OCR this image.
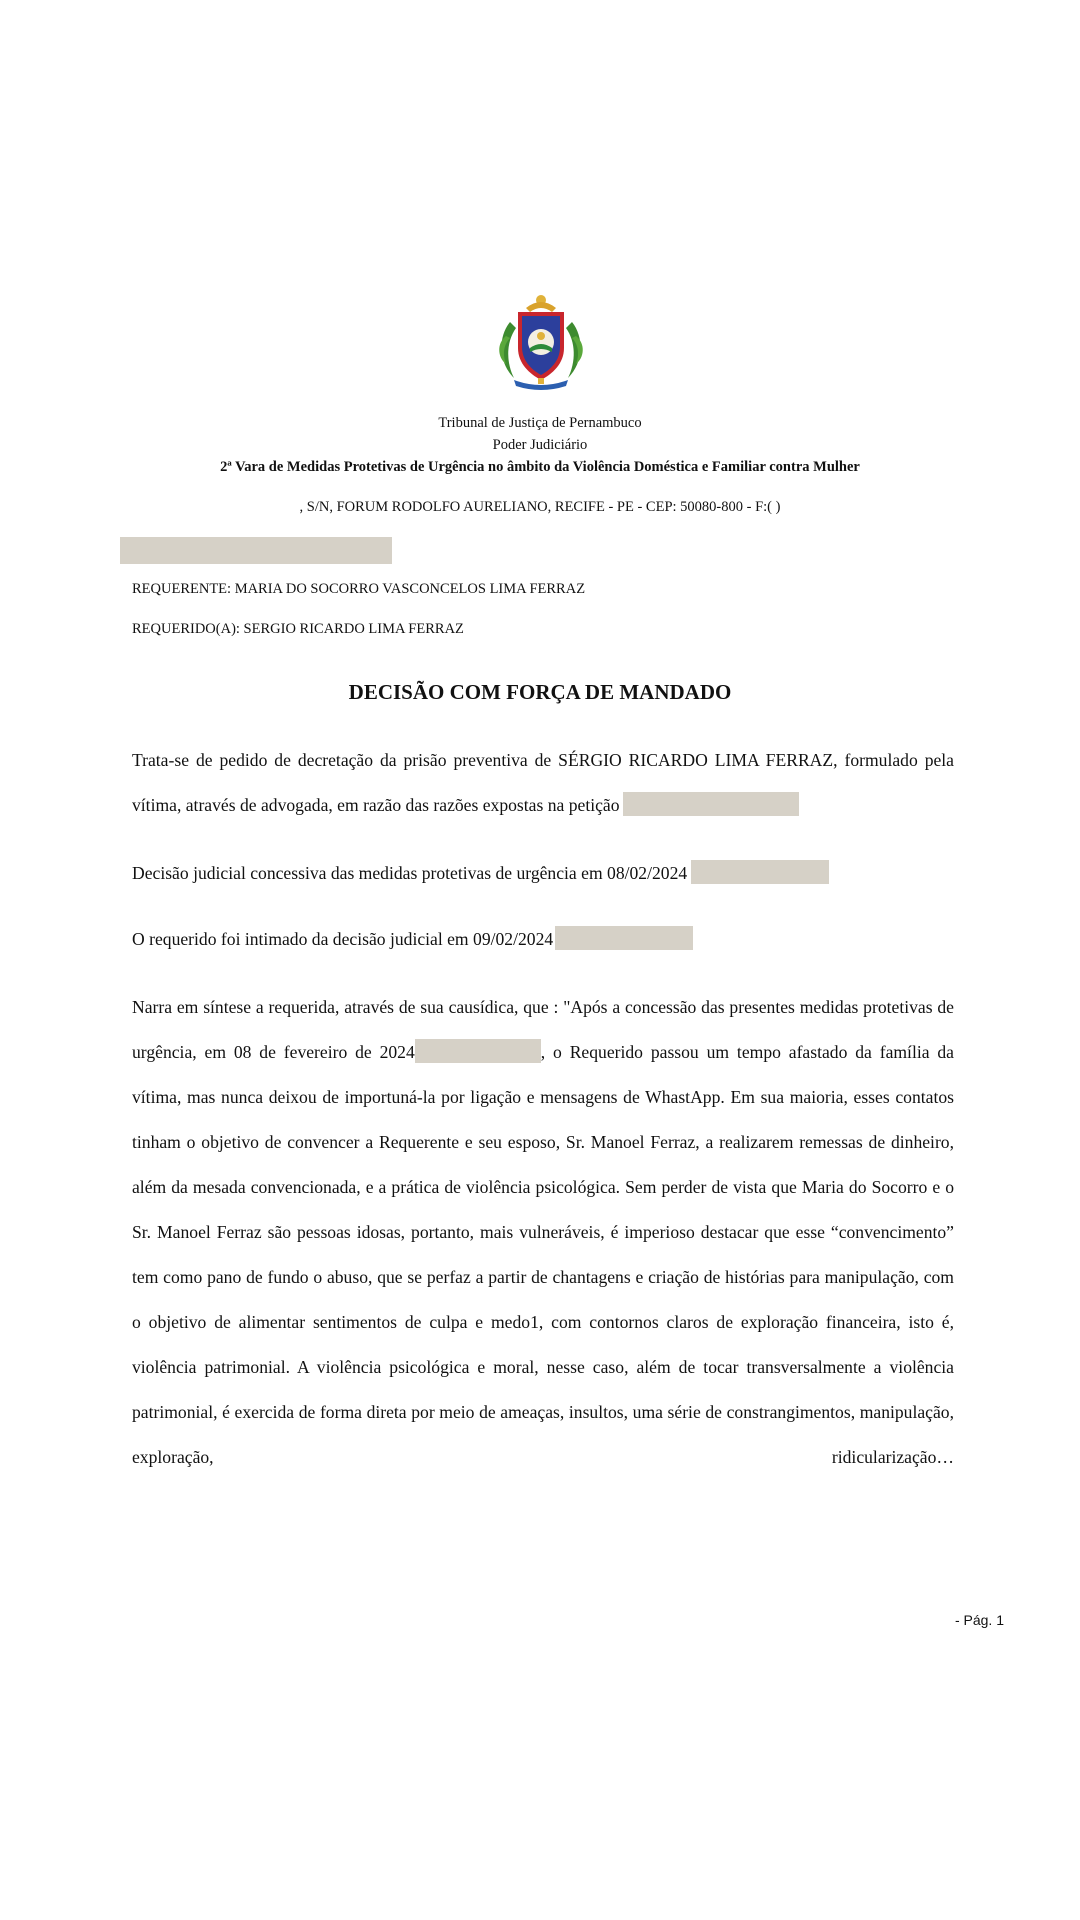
Tribunal de Justiça de Pernambuco
Poder Judiciário
2ª Vara de Medidas Protetivas de Urgência no âmbito da Violência Doméstica e Familiar contra Mulher
, S/N, FORUM RODOLFO AURELIANO, RECIFE - PE - CEP: 50080-800 - F:( )
REQUERENTE: MARIA DO SOCORRO VASCONCELOS LIMA FERRAZ
REQUERIDO(A): SERGIO RICARDO LIMA FERRAZ
DECISÃO COM FORÇA DE MANDADO
Trata-se de pedido de decretação da prisão preventiva de SÉRGIO RICARDO LIMA FERRAZ, formulado pela vítima, através de advogada, em razão das razões expostas na petição
Decisão judicial concessiva das medidas protetivas de urgência em 08/02/2024
O requerido foi intimado da decisão judicial em 09/02/2024
Narra em síntese a requerida, através de sua causídica, que : "Após a concessão das presentes medidas protetivas de urgência, em 08 de fevereiro de 2024	, o Requerido passou um tempo afastado da família da vítima, mas nunca deixou de importuná-la por ligação e mensagens de WhastApp. Em sua maioria, esses contatos tinham o objetivo de convencer a Requerente e seu esposo, Sr. Manoel Ferraz, a realizarem remessas de dinheiro, além da mesada convencionada, e a prática de violência psicológica. Sem perder de vista que Maria do Socorro e o Sr. Manoel Ferraz são pessoas idosas, portanto, mais vulneráveis, é imperioso destacar que esse “convencimento” tem como pano de fundo o abuso, que se perfaz a partir de chantagens e criação de histórias para manipulação, com o objetivo de alimentar sentimentos de culpa e medo1, com contornos claros de exploração financeira, isto é, violência patrimonial. A violência psicológica e moral, nesse caso, além de tocar transversalmente a violência patrimonial, é exercida de forma direta por meio de ameaças, insultos, uma série de constrangimentos, manipulação, exploração, ridicularização…
- Pág. 1
